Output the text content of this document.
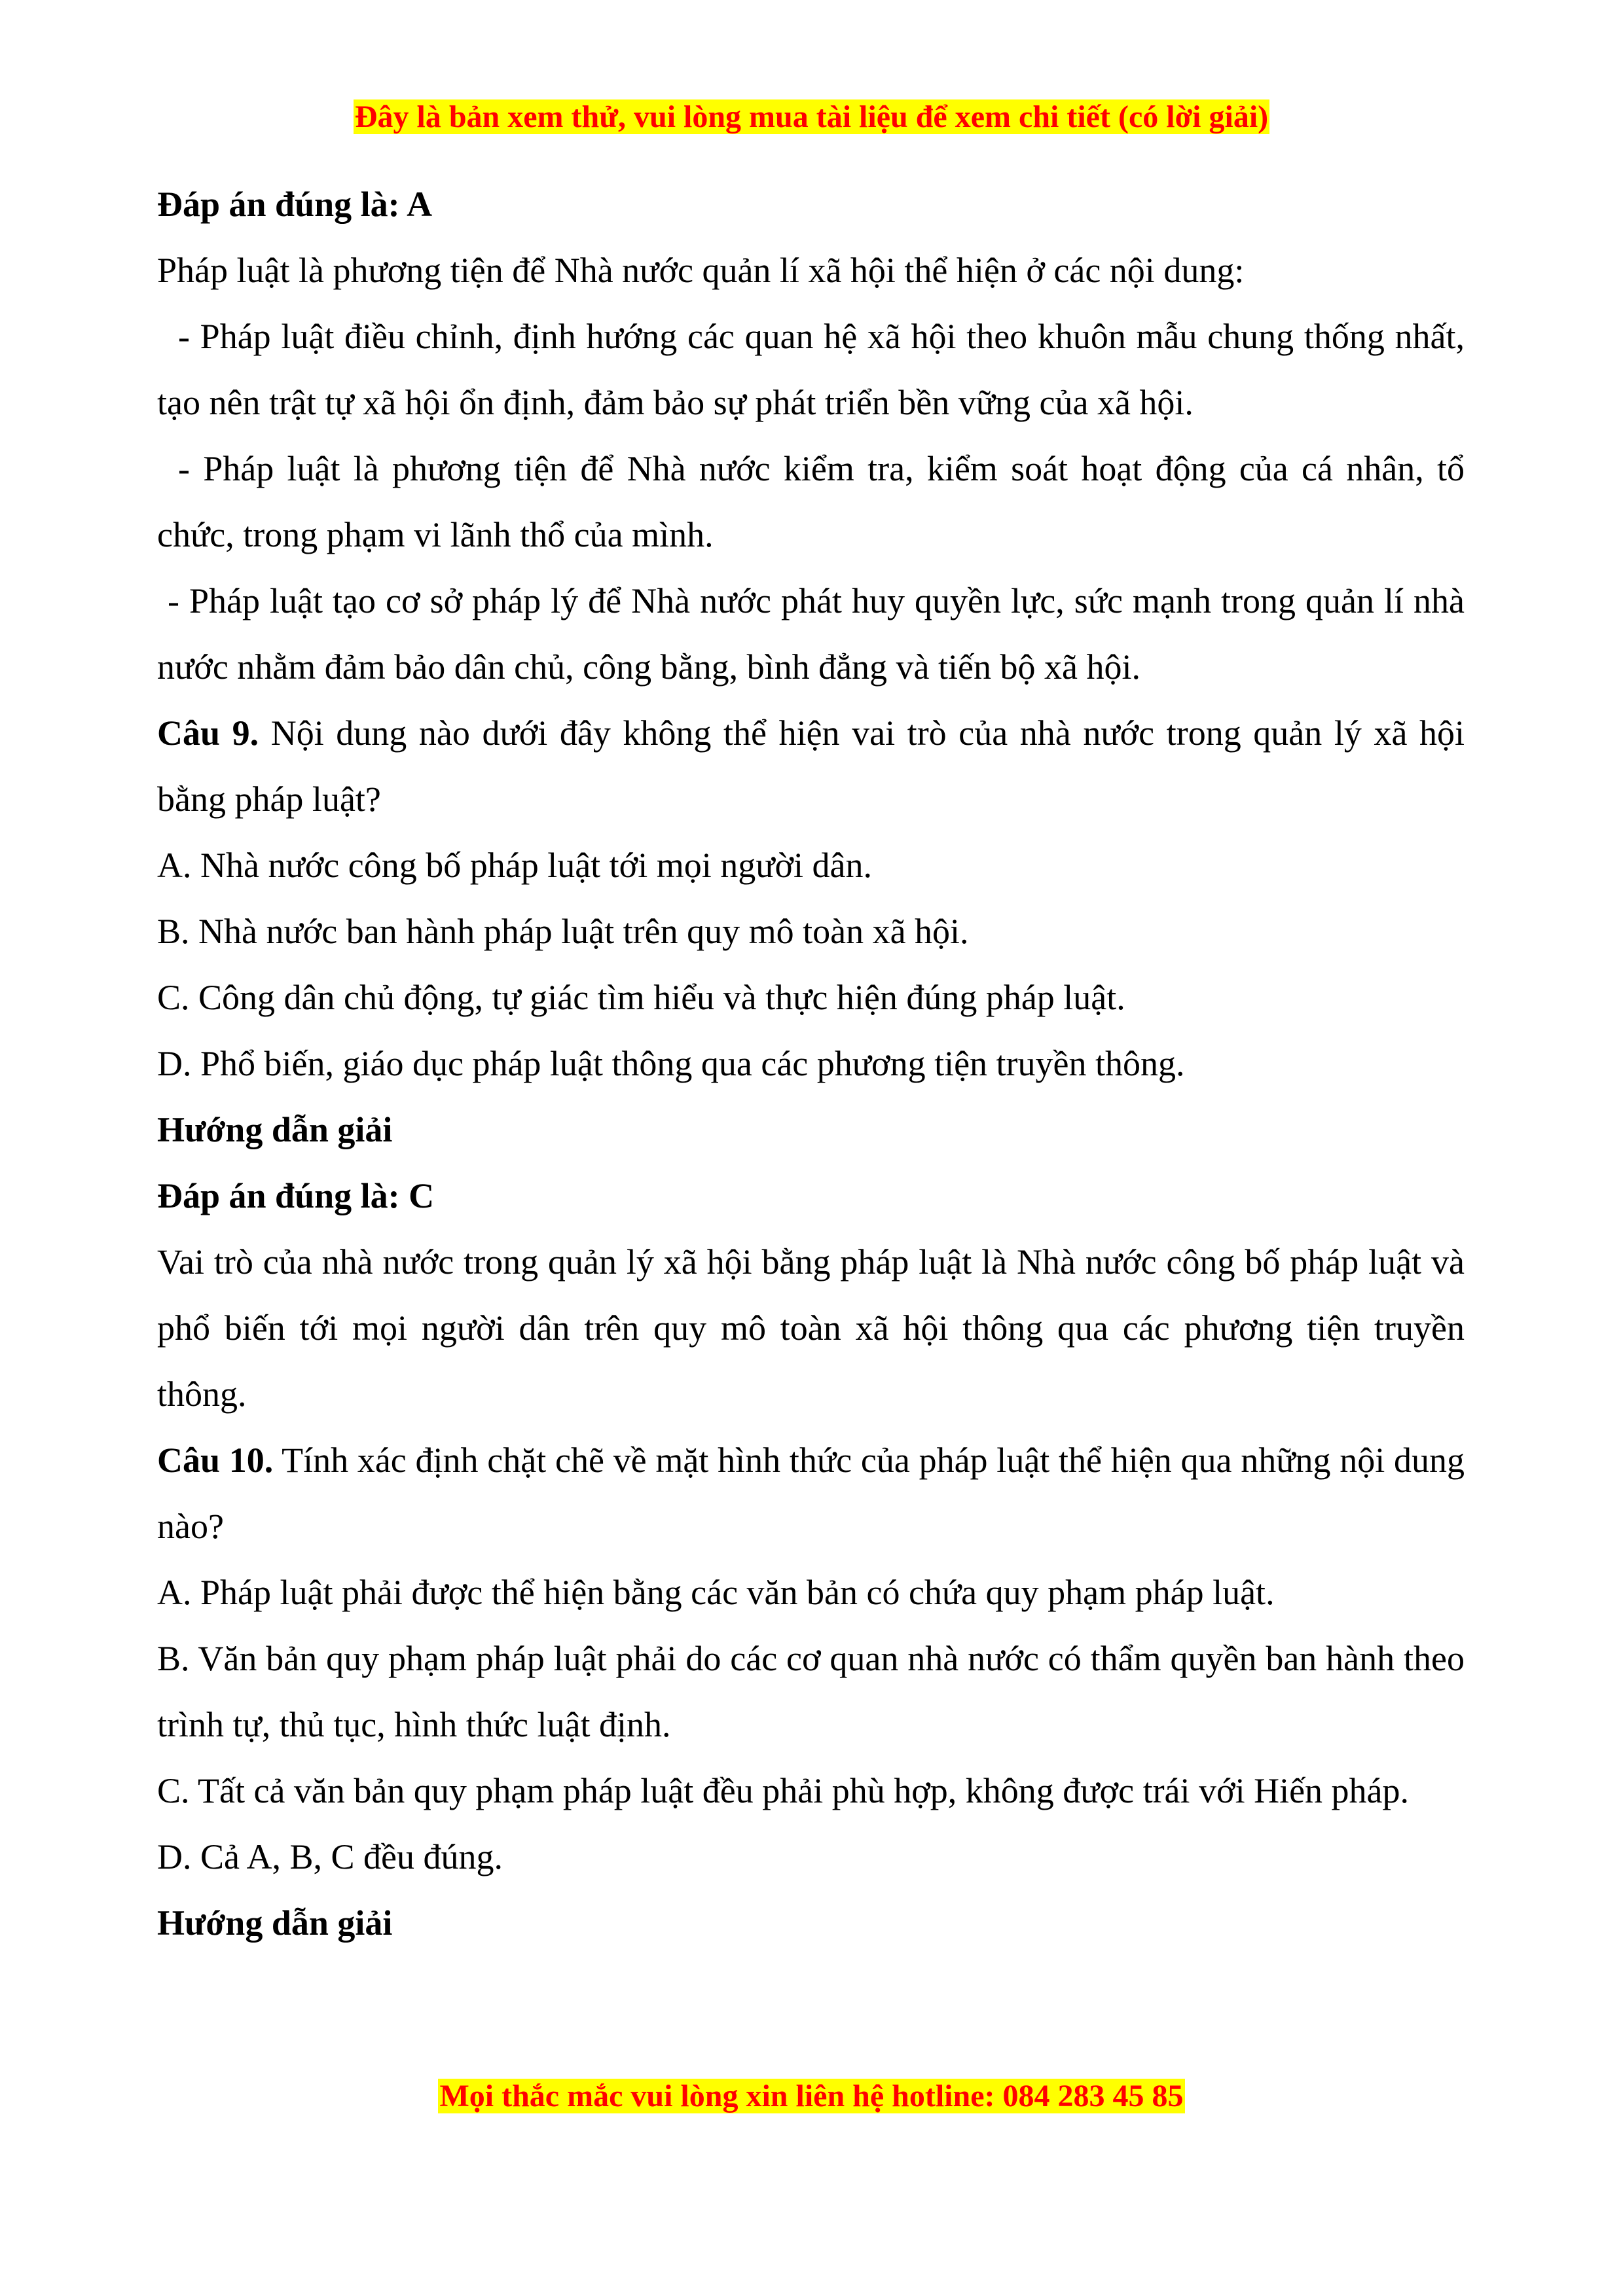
Đây là bản xem thử, vui lòng mua tài liệu để xem chi tiết (có lời giải)

Đáp án đúng là: A

Pháp luật là phương tiện để Nhà nước quản lí xã hội thể hiện ở các nội dung:

- Pháp luật điều chỉnh, định hướng các quan hệ xã hội theo khuôn mẫu chung thống nhất, tạo nên trật tự xã hội ổn định, đảm bảo sự phát triển bền vững của xã hội.

- Pháp luật là phương tiện để Nhà nước kiểm tra, kiểm soát hoạt động của cá nhân, tổ chức, trong phạm vi lãnh thổ của mình.

- Pháp luật tạo cơ sở pháp lý để Nhà nước phát huy quyền lực, sức mạnh trong quản lí nhà nước nhằm đảm bảo dân chủ, công bằng, bình đẳng và tiến bộ xã hội.

Câu 9. Nội dung nào dưới đây không thể hiện vai trò của nhà nước trong quản lý xã hội bằng pháp luật?

A. Nhà nước công bố pháp luật tới mọi người dân.

B. Nhà nước ban hành pháp luật trên quy mô toàn xã hội.

C. Công dân chủ động, tự giác tìm hiểu và thực hiện đúng pháp luật.

D. Phổ biến, giáo dục pháp luật thông qua các phương tiện truyền thông.

Hướng dẫn giải

Đáp án đúng là: C

Vai trò của nhà nước trong quản lý xã hội bằng pháp luật là Nhà nước công bố pháp luật và phổ biến tới mọi người dân trên quy mô toàn xã hội thông qua các phương tiện truyền thông.

Câu 10. Tính xác định chặt chẽ về mặt hình thức của pháp luật thể hiện qua những nội dung nào?

A. Pháp luật phải được thể hiện bằng các văn bản có chứa quy phạm pháp luật.

B. Văn bản quy phạm pháp luật phải do các cơ quan nhà nước có thẩm quyền ban hành theo trình tự, thủ tục, hình thức luật định.

C. Tất cả văn bản quy phạm pháp luật đều phải phù hợp, không được trái với Hiến pháp.

D. Cả A, B, C đều đúng.

Hướng dẫn giải

Mọi thắc mắc vui lòng xin liên hệ hotline: 084 283 45 85
